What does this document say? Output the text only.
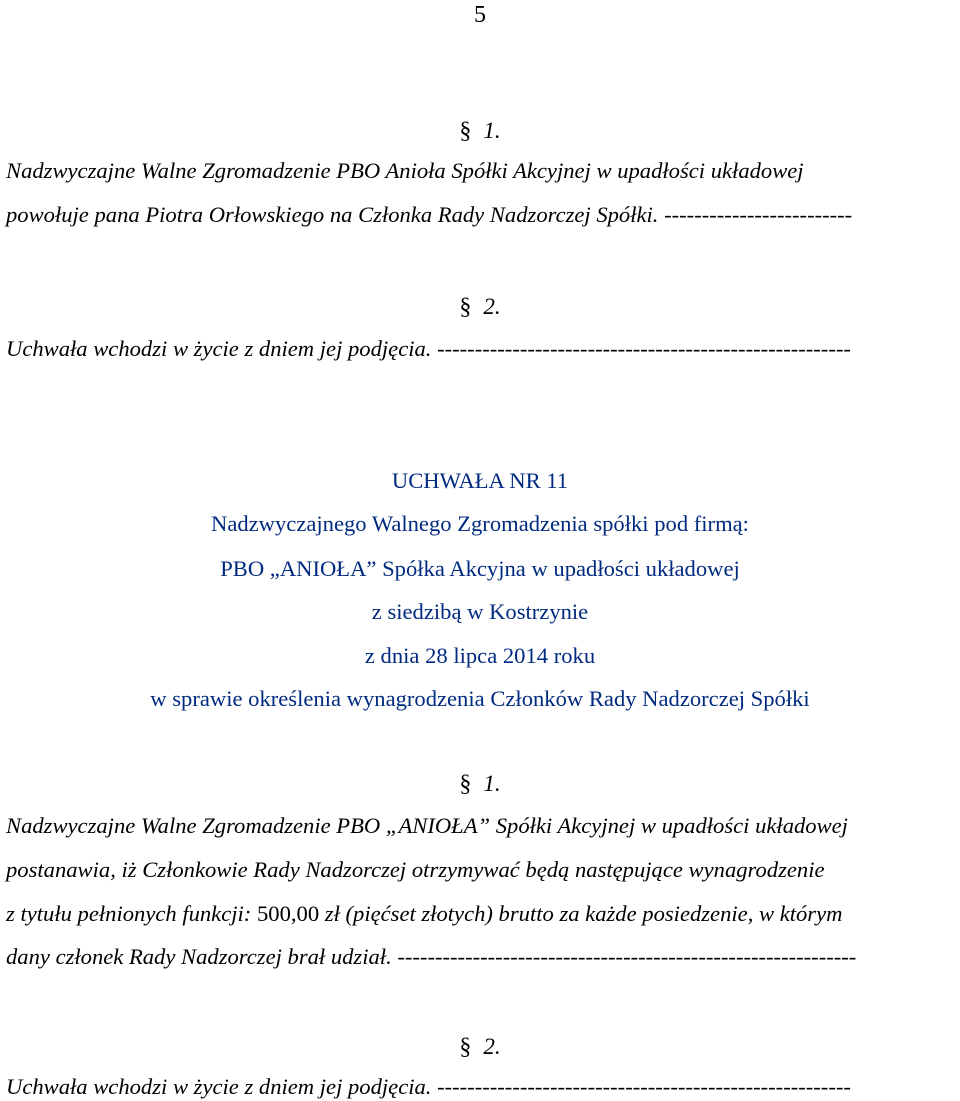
5
§ 1.
Nadzwyczajne Walne Zgromadzenie PBO Anioła Spółki Akcyjnej w upadłości układowej
powołuje pana Piotra Orłowskiego na Członka Rady Nadzorczej Spółki. -------------------------
§ 2.
Uchwała wchodzi w życie z dniem jej podjęcia. -------------------------------------------------------
UCHWAŁA NR 11
Nadzwyczajnego Walnego Zgromadzenia spółki pod firmą:
PBO „ANIOŁA” Spółka Akcyjna w upadłości układowej
z siedzibą w Kostrzynie
z dnia 28 lipca 2014 roku
w sprawie określenia wynagrodzenia Członków Rady Nadzorczej Spółki
§ 1.
Nadzwyczajne Walne Zgromadzenie PBO „ANIOŁA” Spółki Akcyjnej w upadłości układowej
postanawia, iż Członkowie Rady Nadzorczej otrzymywać będą następujące wynagrodzenie
z tytułu pełnionych funkcji: 500,00 zł (pięćset złotych) brutto za każde posiedzenie, w którym
dany członek Rady Nadzorczej brał udział. -------------------------------------------------------------
§ 2.
Uchwała wchodzi w życie z dniem jej podjęcia. -------------------------------------------------------
